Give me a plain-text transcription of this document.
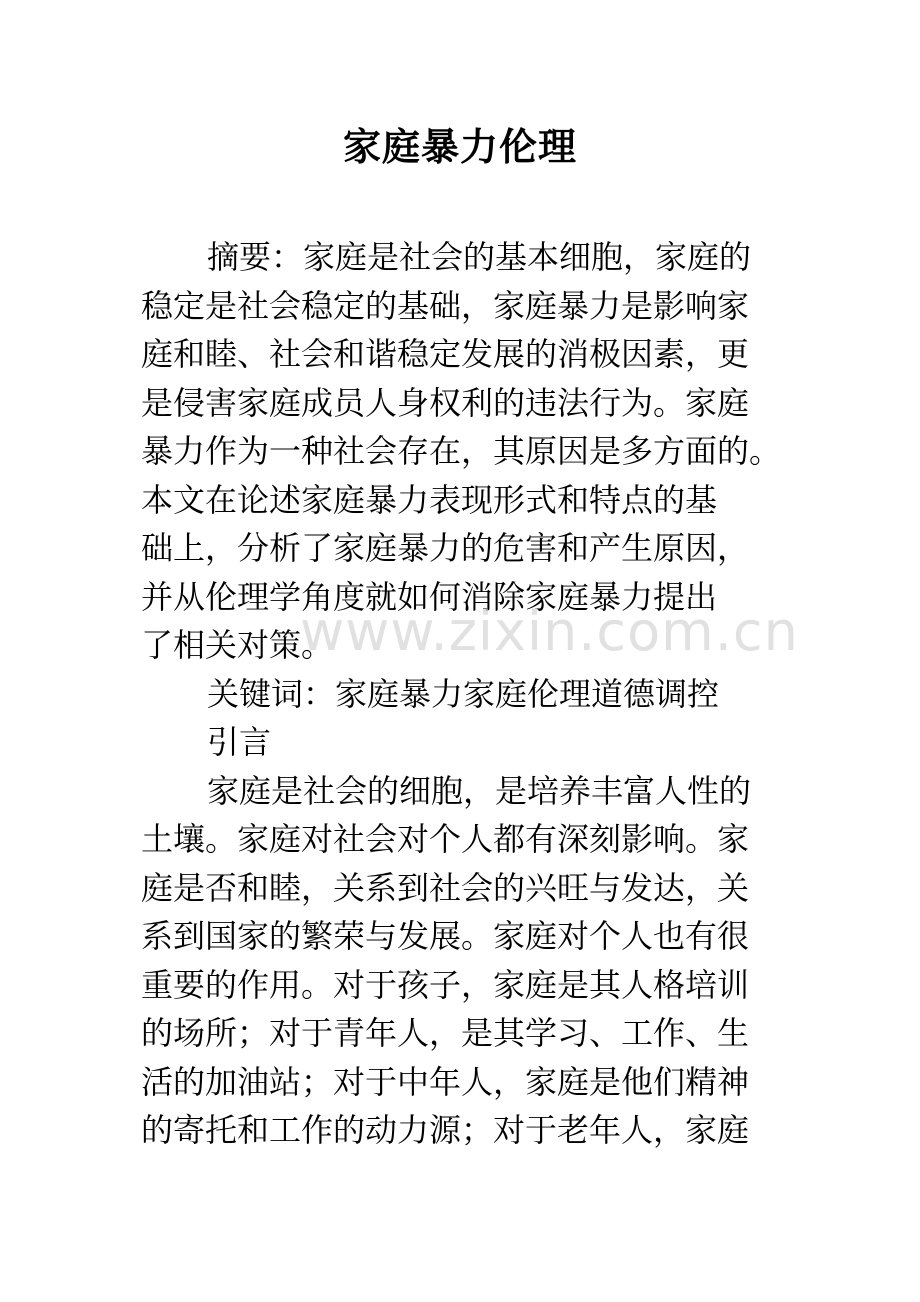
家庭暴力伦理
摘要：家庭是社会的基本细胞，家庭的
稳定是社会稳定的基础，家庭暴力是影响家
庭和睦、社会和谐稳定发展的消极因素，更
是侵害家庭成员人身权利的违法行为。家庭
暴力作为一种社会存在，其原因是多方面的。
本文在论述家庭暴力表现形式和特点的基
础上，分析了家庭暴力的危害和产生原因，
并从伦理学角度就如何消除家庭暴力提出
了相关对策。
关键词：家庭暴力家庭伦理道德调控
引言
家庭是社会的细胞，是培养丰富人性的
土壤。家庭对社会对个人都有深刻影响。家
庭是否和睦，关系到社会的兴旺与发达，关
系到国家的繁荣与发展。家庭对个人也有很
重要的作用。对于孩子，家庭是其人格培训
的场所；对于青年人，是其学习、工作、生
活的加油站；对于中年人，家庭是他们精神
的寄托和工作的动力源；对于老年人，家庭
www.zixin.com.cn
